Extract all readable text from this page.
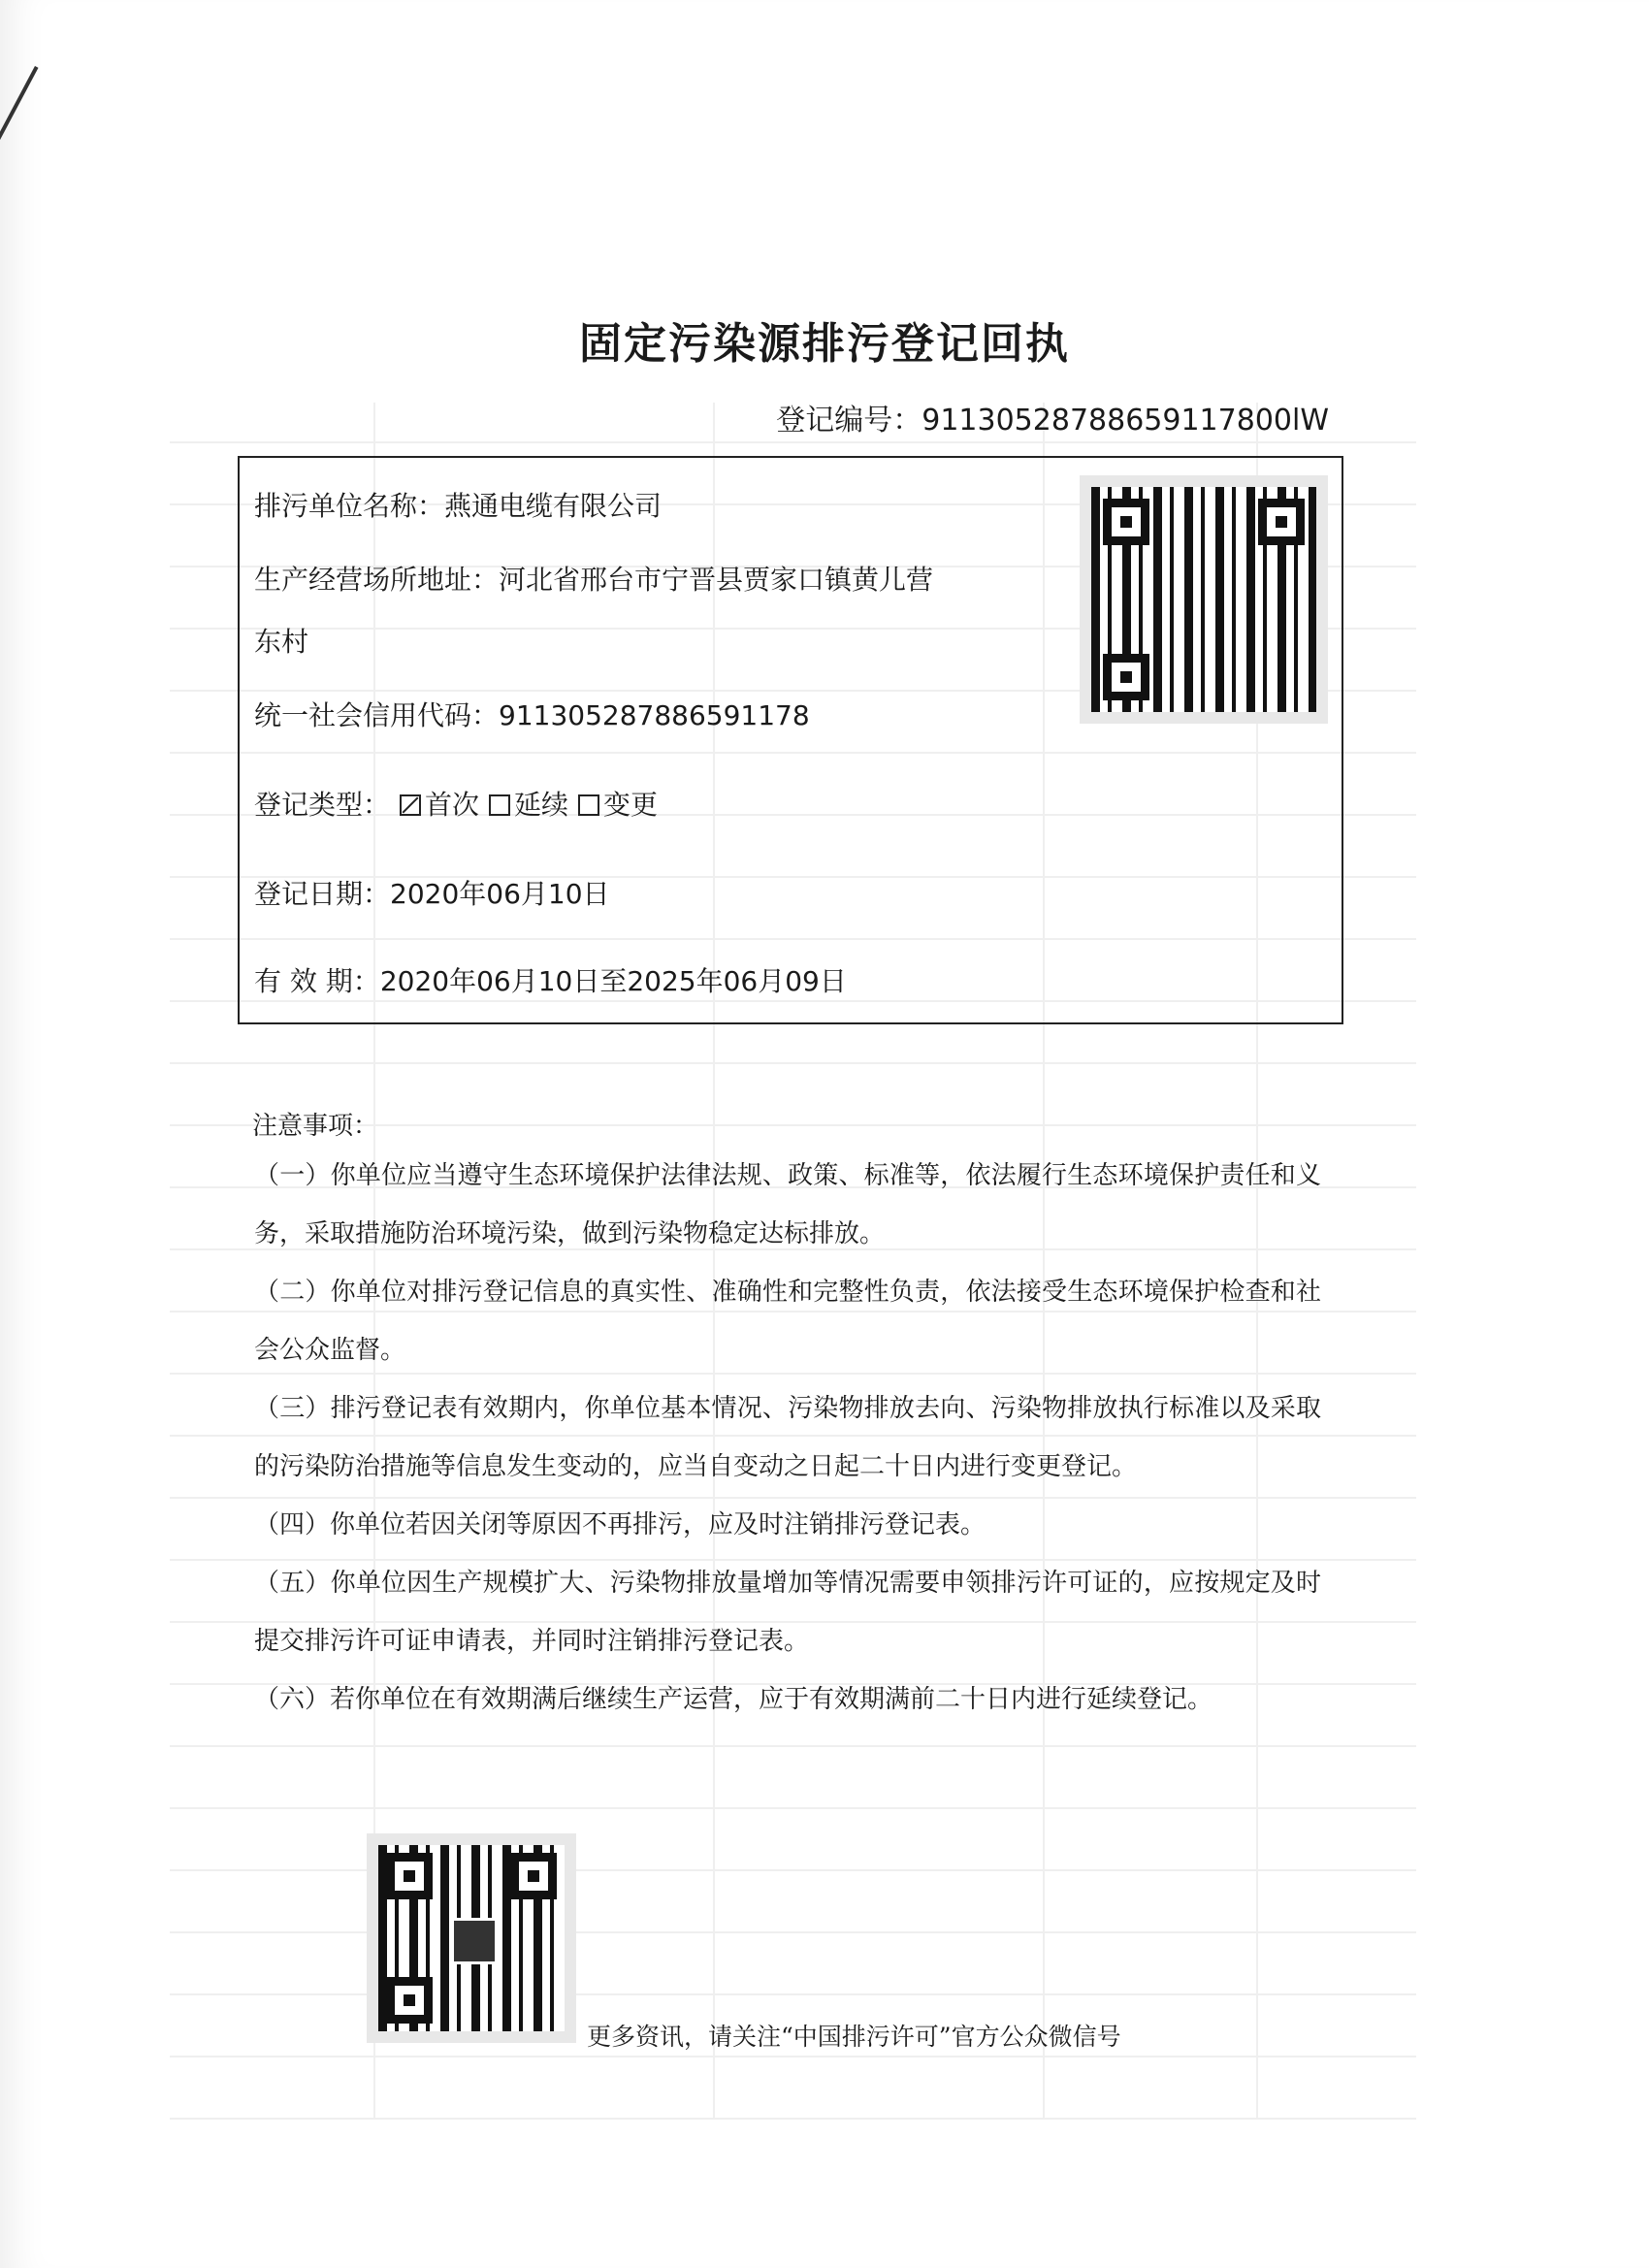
固定污染源排污登记回执
登记编号：91130528788659117800lW
排污单位名称：燕通电缆有限公司
生产经营场所地址：河北省邢台市宁晋县贾家口镇黄儿营
东村
统一社会信用代码：911305287886591178
登记类型： 首次 延续 变更
登记日期：2020年06月10日
有 效 期：2020年06月10日至2025年06月09日
注意事项：
（一）你单位应当遵守生态环境保护法律法规、政策、标准等，依法履行生态环境保护责任和义务，采取措施防治环境污染，做到污染物稳定达标排放。
（二）你单位对排污登记信息的真实性、准确性和完整性负责，依法接受生态环境保护检查和社会公众监督。
（三）排污登记表有效期内，你单位基本情况、污染物排放去向、污染物排放执行标准以及采取的污染防治措施等信息发生变动的，应当自变动之日起二十日内进行变更登记。
（四）你单位若因关闭等原因不再排污，应及时注销排污登记表。
（五）你单位因生产规模扩大、污染物排放量增加等情况需要申领排污许可证的，应按规定及时提交排污许可证申请表，并同时注销排污登记表。
（六）若你单位在有效期满后继续生产运营，应于有效期满前二十日内进行延续登记。
更多资讯，请关注“中国排污许可”官方公众微信号
